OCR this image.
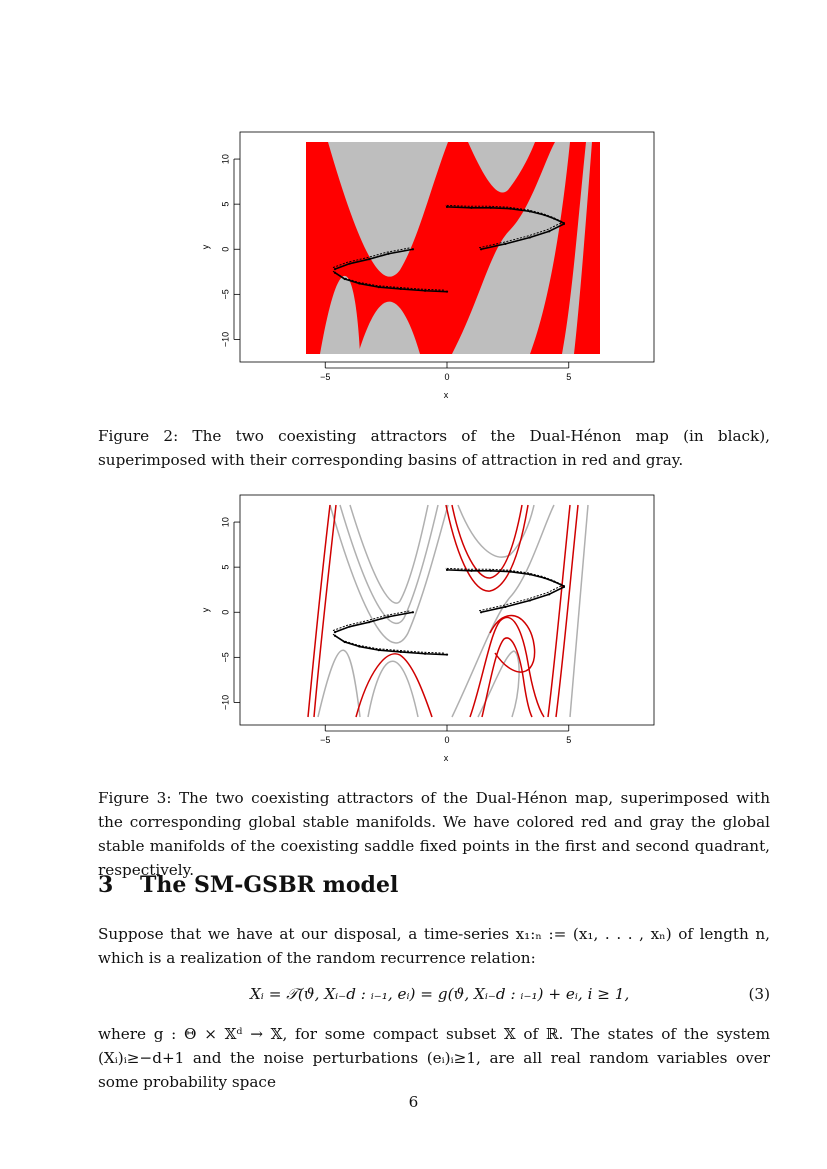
−5	0	5
x
−10
−5
0
5
10
y
Figure 2: The two coexisting attractors of the Dual-Hénon map (in black), superimposed with their corresponding basins of attraction in red and gray.
−5	0	5
x
−10
−5
0
5
10
y
Figure 3: The two coexisting attractors of the Dual-Hénon map, superimposed with the corresponding global stable manifolds. We have colored red and gray the global stable manifolds of the coexisting saddle fixed points in the first and second quadrant, respectively.
3 The SM-GSBR model
Suppose that we have at our disposal, a time-series x₁:ₙ := (x₁, . . . , xₙ) of length n, which is a realization of the random recurrence relation:
Xᵢ = 𝒯(ϑ, Xᵢ₋⁤d : ᵢ₋₁, eᵢ) = g(ϑ, Xᵢ₋⁤d : ᵢ₋₁) + eᵢ, i ≥ 1,	(3)
where g : Θ × 𝕏ᵈ → 𝕏, for some compact subset 𝕏 of ℝ. The states of the system (Xᵢ)ᵢ≥−d+1 and the noise perturbations (eᵢ)ᵢ≥1, are all real random variables over some probability space
6
